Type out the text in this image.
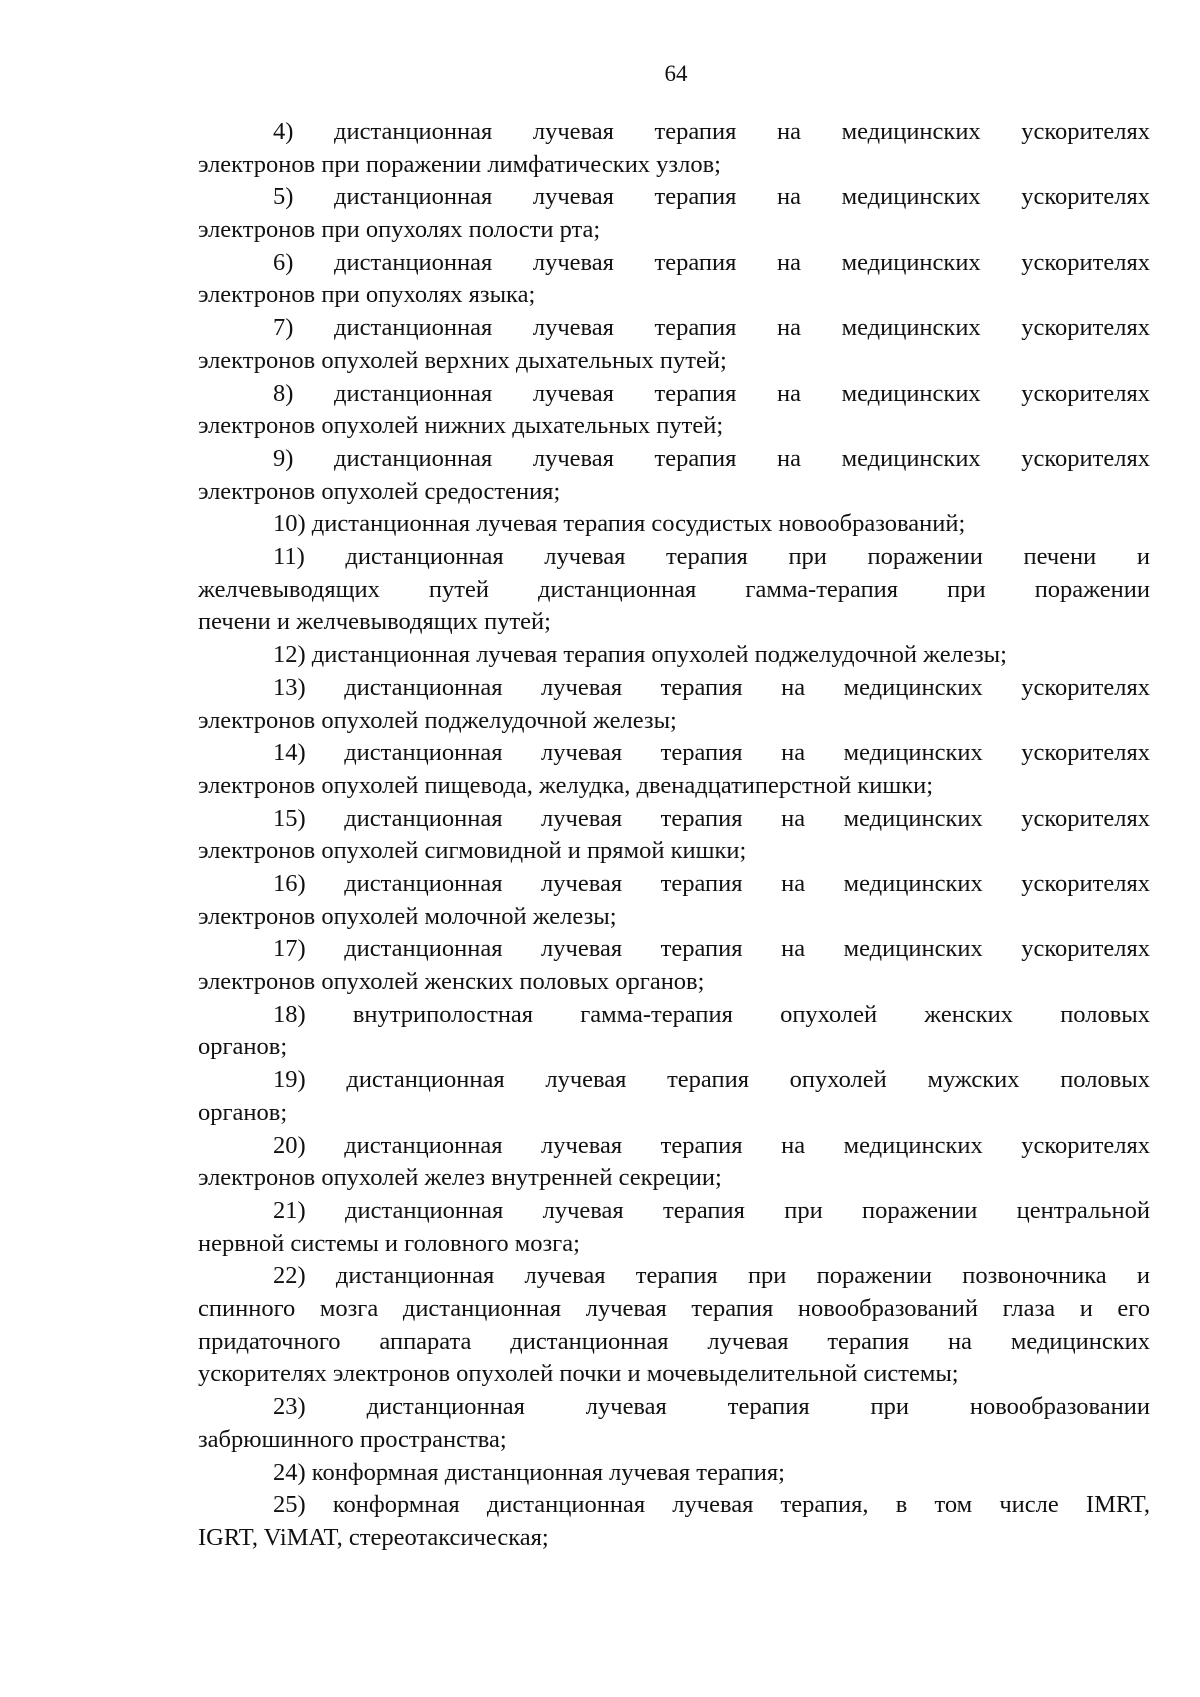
64
4) дистанционная лучевая терапия на медицинских ускорителях
электронов при поражении лимфатических узлов;
5) дистанционная лучевая терапия на медицинских ускорителях
электронов при опухолях полости рта;
6) дистанционная лучевая терапия на медицинских ускорителях
электронов при опухолях языка;
7) дистанционная лучевая терапия на медицинских ускорителях
электронов опухолей верхних дыхательных путей;
8) дистанционная лучевая терапия на медицинских ускорителях
электронов опухолей нижних дыхательных путей;
9) дистанционная лучевая терапия на медицинских ускорителях
электронов опухолей средостения;
10) дистанционная лучевая терапия сосудистых новообразований;
11) дистанционная лучевая терапия при поражении печени и
желчевыводящих путей дистанционная гамма-терапия при поражении
печени и желчевыводящих путей;
12) дистанционная лучевая терапия опухолей поджелудочной железы;
13) дистанционная лучевая терапия на медицинских ускорителях
электронов опухолей поджелудочной железы;
14) дистанционная лучевая терапия на медицинских ускорителях
электронов опухолей пищевода, желудка, двенадцатиперстной кишки;
15) дистанционная лучевая терапия на медицинских ускорителях
электронов опухолей сигмовидной и прямой кишки;
16) дистанционная лучевая терапия на медицинских ускорителях
электронов опухолей молочной железы;
17) дистанционная лучевая терапия на медицинских ускорителях
электронов опухолей женских половых органов;
18) внутриполостная гамма-терапия опухолей женских половых
органов;
19) дистанционная лучевая терапия опухолей мужских половых
органов;
20) дистанционная лучевая терапия на медицинских ускорителях
электронов опухолей желез внутренней секреции;
21) дистанционная лучевая терапия при поражении центральной
нервной системы и головного мозга;
22) дистанционная лучевая терапия при поражении позвоночника и
спинного мозга дистанционная лучевая терапия новообразований глаза и его
придаточного аппарата дистанционная лучевая терапия на медицинских
ускорителях электронов опухолей почки и мочевыделительной системы;
23) дистанционная лучевая терапия при новообразовании
забрюшинного пространства;
24) конформная дистанционная лучевая терапия;
25) конформная дистанционная лучевая терапия, в том числе IMRT,
IGRT, ViMAT, стереотаксическая;
